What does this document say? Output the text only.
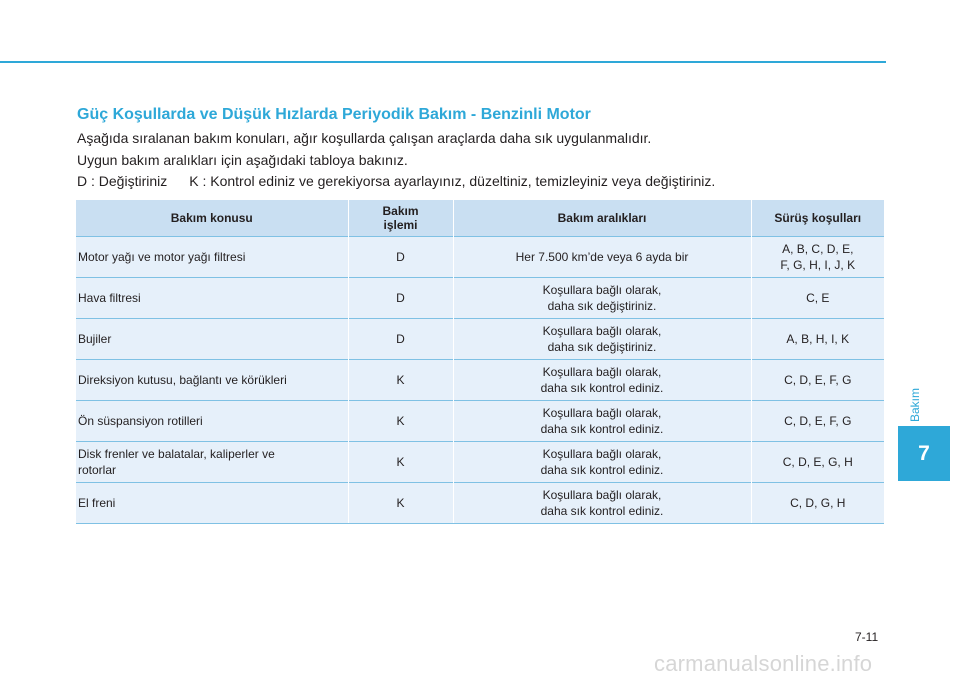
Güç Koşullarda ve Düşük Hızlarda Periyodik Bakım - Benzinli Motor

Aşağıda sıralanan bakım konuları, ağır koşullarda çalışan araçlarda daha sık uygulanmalıdır.

Uygun bakım aralıkları için aşağıdaki tabloya bakınız.

D : Değiştiriniz K : Kontrol ediniz ve gerekiyorsa ayarlayınız, düzeltiniz, temizleyiniz veya değiştiriniz.

Bakım konusu	Bakım
işlemi	Bakım aralıkları	Sürüş koşulları
Motor yağı ve motor yağı filtresi	D	Her 7.500 km’de veya 6 ayda bir	A, B, C, D, E,
F, G, H, I, J, K
Hava filtresi	D	Koşullara bağlı olarak,
daha sık değiştiriniz.	C, E
Bujiler	D	Koşullara bağlı olarak,
daha sık değiştiriniz.	A, B, H, I, K
Direksiyon kutusu, bağlantı ve körükleri	K	Koşullara bağlı olarak,
daha sık kontrol ediniz.	C, D, E, F, G
Ön süspansiyon rotilleri	K	Koşullara bağlı olarak,
daha sık kontrol ediniz.	C, D, E, F, G
Disk frenler ve balatalar, kaliperler ve
rotorlar	K	Koşullara bağlı olarak,
daha sık kontrol ediniz.	C, D, E, G, H
El freni	K	Koşullara bağlı olarak,
daha sık kontrol ediniz.	C, D, G, H
Bakım
7
7-11
carmanualsonline.info
